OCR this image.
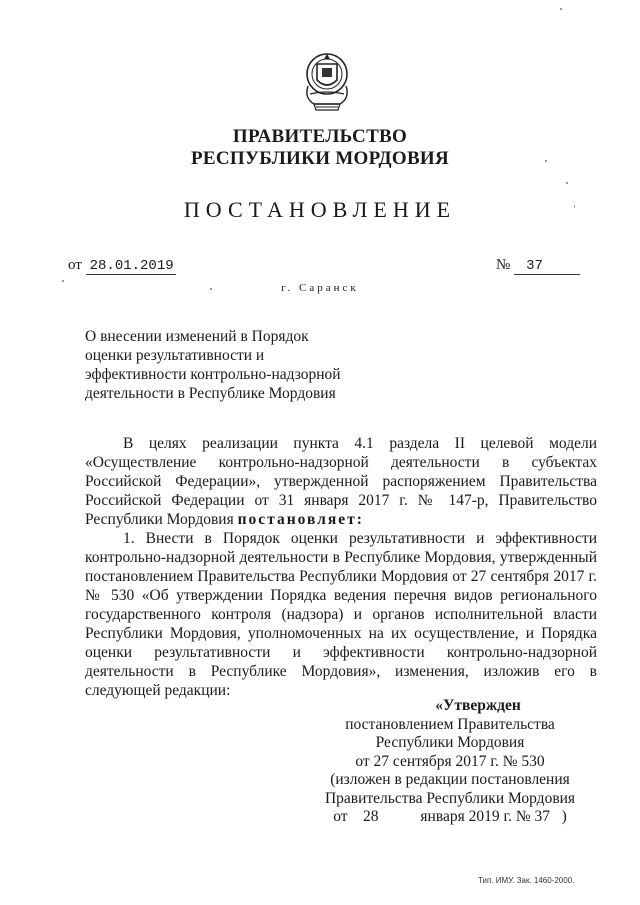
ПРАВИТЕЛЬСТВО
РЕСПУБЛИКИ МОРДОВИЯ
ПОСТАНОВЛЕНИЕ
от 28.01.2019	№ 37
г. Саранск
О внесении изменений в Порядок
оценки результативности и
эффективности контрольно-надзорной
деятельности в Республике Мордовия

В целях реализации пункта 4.1 раздела II целевой модели «Осуществление контрольно-надзорной деятельности в субъектах Российской Федерации», утвержденной распоряжением Правительства Российской Федерации от 31 января 2017 г. № 147-р, Правительство Республики Мордовия постановляет:

1. Внести в Порядок оценки результативности и эффективности контрольно-надзорной деятельности в Республике Мордовия, утвержденный постановлением Правительства Республики Мордовия от 27 сентября 2017 г. № 530 «Об утверждении Порядка ведения перечня видов регионального государственного контроля (надзора) и органов исполнительной власти Республики Мордовия, уполномоченных на их осуществление, и Порядка оценки результативности и эффективности контрольно-надзорной деятельности в Республике Мордовия», изменения, изложив его в следующей редакции:

«Утвержден
постановлением Правительства
Республики Мордовия
от 27 сентября 2017 г. № 530
(изложен в редакции постановления
Правительства Республики Мордовия
от 28	января 2019 г. № 37 )
Тип. ИМУ. Зак. 1460-2000.
